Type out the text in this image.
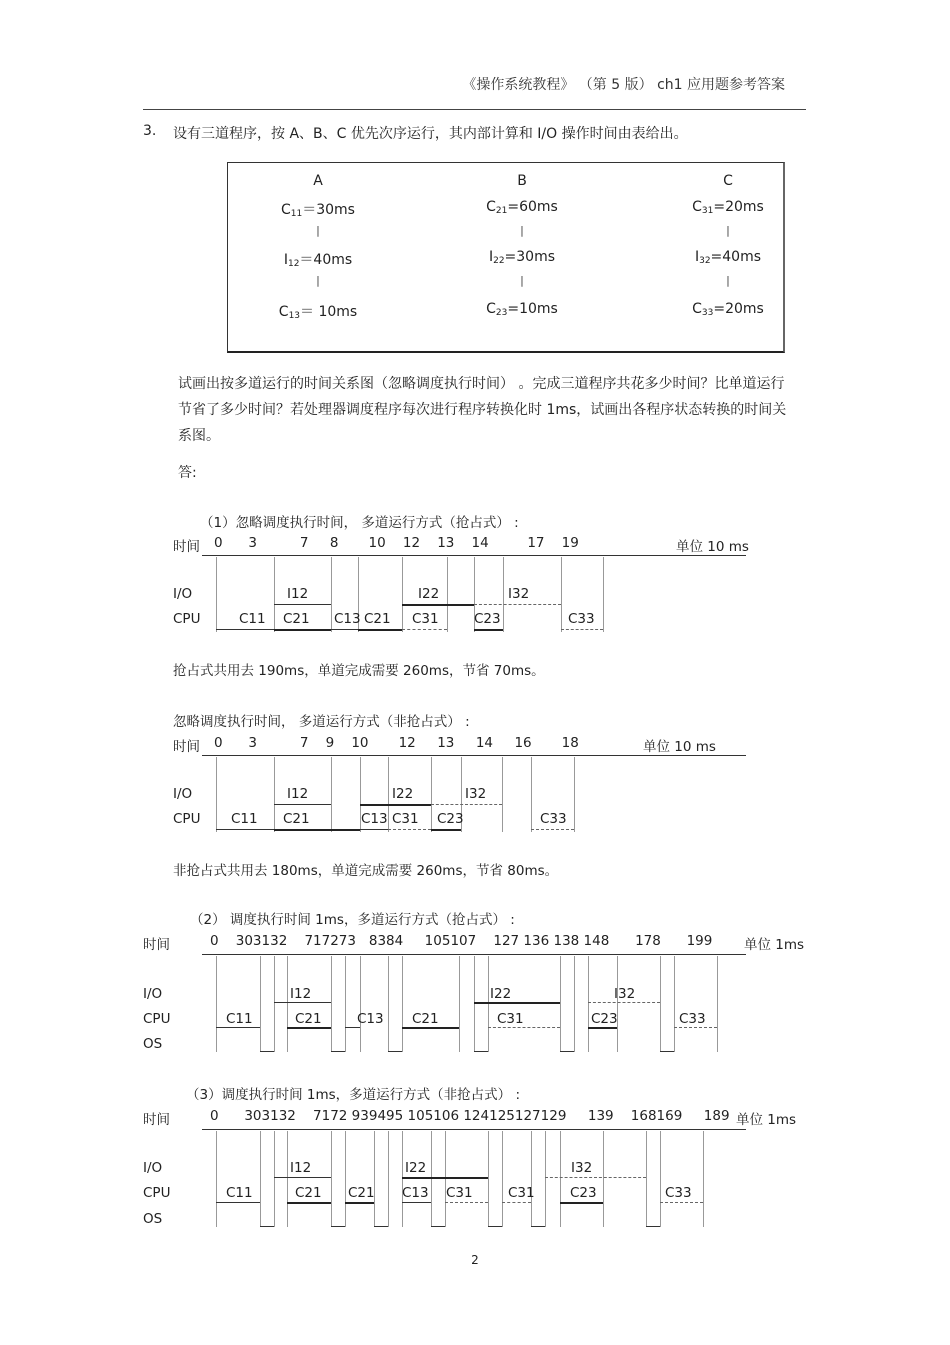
《操作系统教程》 （第 5 版） ch1 应用题参考答案
3. 设有三道程序，按 A、B、C 优先次序运行，其内部计算和 I/O 操作时间由表给出。
A
$C_{11}=30ms$
|
$I_{12}=40ms$
|
$C_{13}= 10ms$
B
$C_{21}=60ms$
|
$I_{22}=30ms$
|
$C_{23}=10ms$
C
$C_{31}=20ms$
|
$I_{32}=40ms$
|
$C_{33}=20ms$
试画出按多道运行的时间关系图（忽略调度执行时间） 。完成三道程序共花多少时间？比单道运行节省了多少时间？若处理器调度程序每次进行程序转换化时 1ms，试画出各程序状态转换的时间关系图。
答:
（1）忽略调度执行时间， 多道运行方式（抢占式） :
时间 0      3          7     8       10    12    13    14         17    19	单位 10 ms
I/O
CPU
I12	I22	I32
C11 C21 C13 C21 C31	C23	C33
抢占式共用去 190ms，单道完成需要 260ms，节省 70ms。
忽略调度执行时间， 多道运行方式（非抢占式） :
时间 0      3          7    9    10       12     13     14     16       18	单位 10 ms
I/O
CPU
I12	I22	I32
C11 C21	C13 C31 C23	C33
非抢占式共用去 180ms，单道完成需要 260ms，节省 80ms。
（2） 调度执行时间 1ms，多道运行方式（抢占式） :
时间	0    303132    717273   8384     105107    127 136 138 148      178      199 单位 1ms
I/O
CPU
OS
I12	I22	I32
C11	C21	C13 C21	C31	C23	C33
（3）调度执行时间 1ms，多道运行方式（非抢占式） :
时间	0      303132    7172 939495 105106 124125127129     139    168169     189 单位 1ms
I/O
CPU
OS
I12	I22	I32
C11	C21 C21 C13 C31	C31	C23	C33
2
